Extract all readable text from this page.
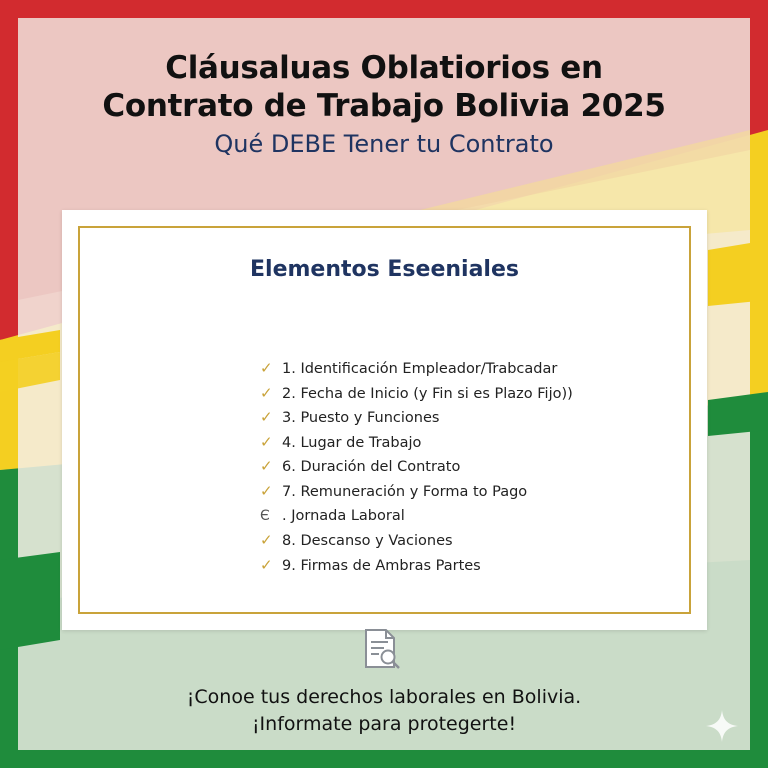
Cláusaluas Oblatiorios en
Contrato de Trabajo Bolivia 2025
Qué DEBE Tener tu Contrato
Elementos Eseeniales
✓ 1. Identificación Empleador/Trabcadar
✓ 2. Fecha de Inicio (y Fin si es Plazo Fijo))
✓ 3. Puesto y Funciones
✓ 4. Lugar de Trabajo
✓ 6. Duración del Contrato
✓ 7. Remuneración y Forma to Pago
Є . Jornada Laboral
✓ 8. Descanso y Vaciones
✓ 9. Firmas de Ambras Partes
¡Conoe tus derechos laborales en Bolivia.
¡Informate para protegerte!
